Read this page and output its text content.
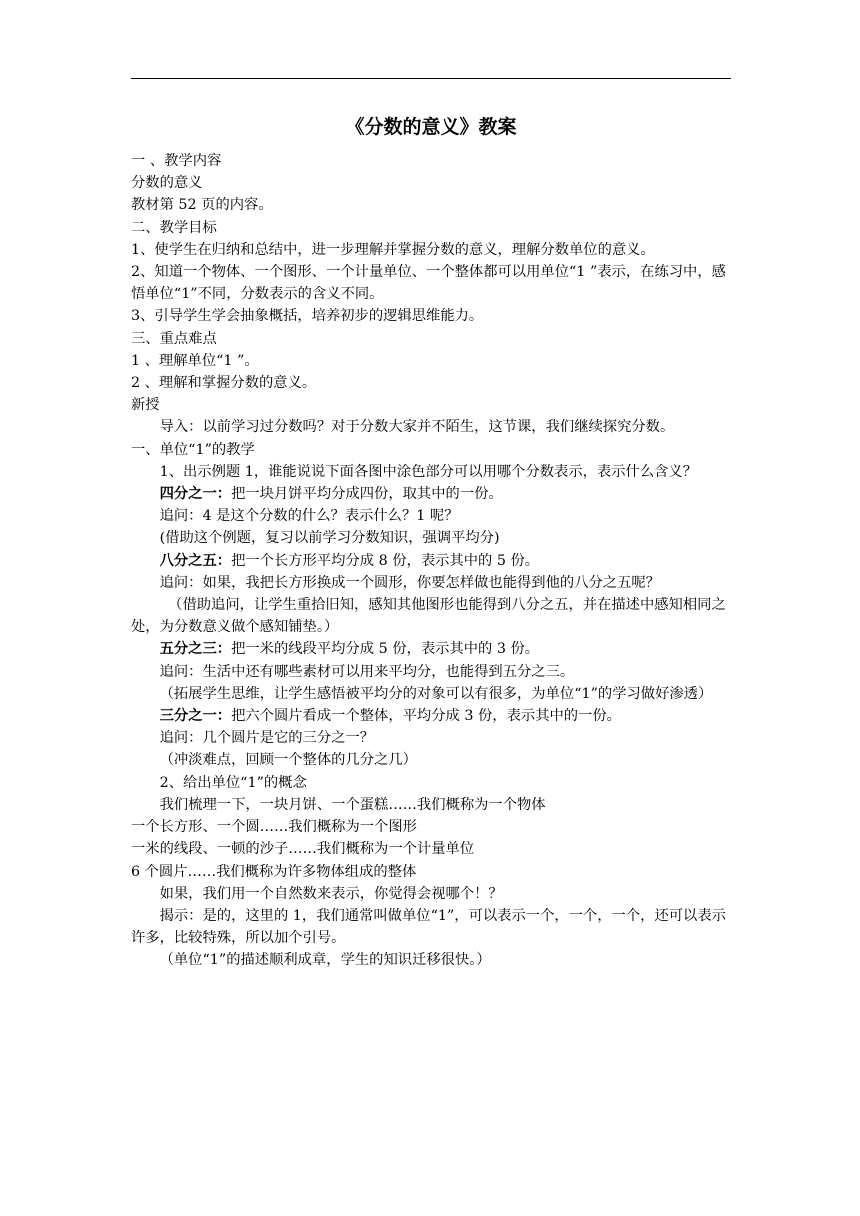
《分数的意义》教案

一 、教学内容

分数的意义

教材第 52 页的内容。

二、教学目标

1、使学生在归纳和总结中，进一步理解并掌握分数的意义，理解分数单位的意义。

2、知道一个物体、一个图形、一个计量单位、一个整体都可以用单位“1 ”表示，在练习中，感悟单位“1”不同，分数表示的含义不同。

3、引导学生学会抽象概括，培养初步的逻辑思维能力。

三、重点难点

1 、理解单位“1 ”。

2 、理解和掌握分数的意义。

新授

导入：以前学习过分数吗？对于分数大家并不陌生，这节课，我们继续探究分数。

一、单位“1”的教学

1、出示例题 1，谁能说说下面各图中涂色部分可以用哪个分数表示，表示什么含义？

四分之一：把一块月饼平均分成四份，取其中的一份。

追问：4 是这个分数的什么？表示什么？1 呢？

(借助这个例题，复习以前学习分数知识，强调平均分)

八分之五：把一个长方形平均分成 8 份，表示其中的 5 份。

追问：如果，我把长方形换成一个圆形，你要怎样做也能得到他的八分之五呢？

（借助追问，让学生重拾旧知，感知其他图形也能得到八分之五，并在描述中感知相同之处，为分数意义做个感知铺垫。）

五分之三：把一米的线段平均分成 5 份，表示其中的 3 份。

追问：生活中还有哪些素材可以用来平均分，也能得到五分之三。

（拓展学生思维，让学生感悟被平均分的对象可以有很多，为单位“1”的学习做好渗透）

三分之一：把六个圆片看成一个整体，平均分成 3 份，表示其中的一份。

追问：几个圆片是它的三分之一？

（冲淡难点，回顾一个整体的几分之几）

2、给出单位“1”的概念

我们梳理一下，一块月饼、一个蛋糕……我们概称为一个物体

一个长方形、一个圆……我们概称为一个图形

一米的线段、一顿的沙子……我们概称为一个计量单位

6 个圆片……我们概称为许多物体组成的整体

如果，我们用一个自然数来表示，你觉得会视哪个！？

揭示：是的，这里的 1，我们通常叫做单位“1”，可以表示一个，一个，一个，还可以表示许多，比较特殊，所以加个引号。

（单位“1”的描述顺利成章，学生的知识迁移很快。）
